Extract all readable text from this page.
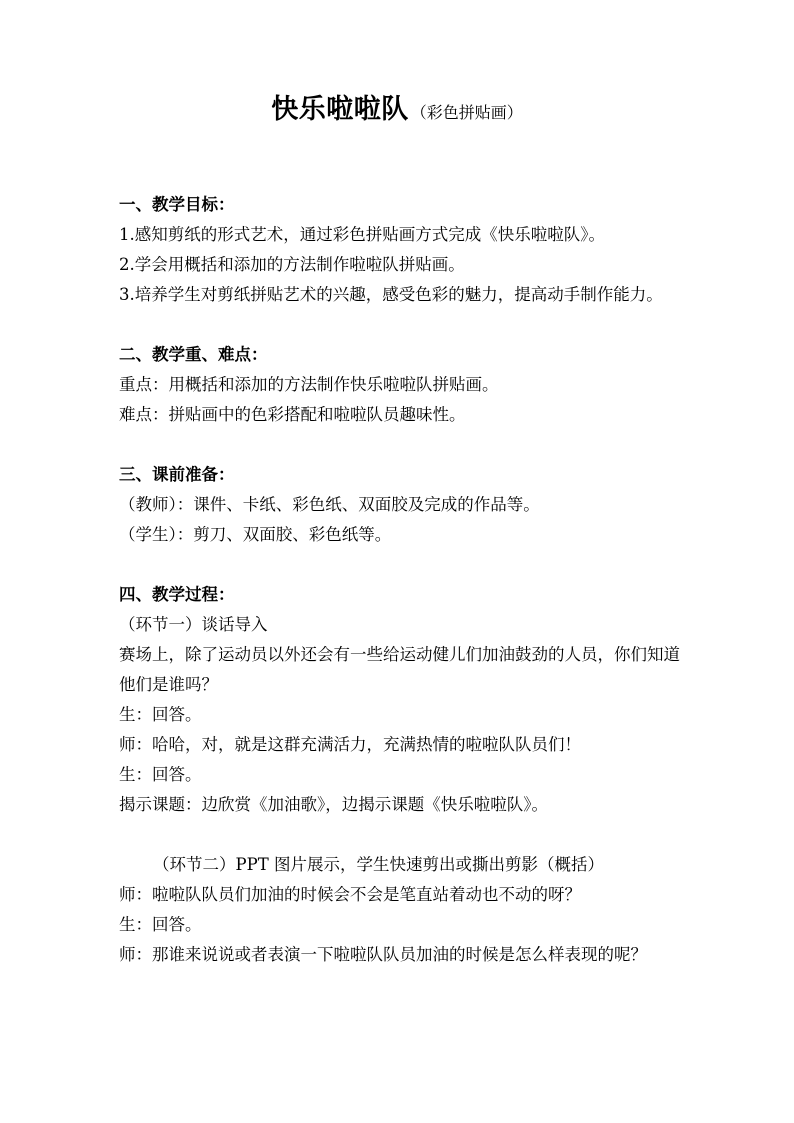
快乐啦啦队 （彩色拼贴画）

一、教学目标：

1.感知剪纸的形式艺术，通过彩色拼贴画方式完成《快乐啦啦队》。

2.学会用概括和添加的方法制作啦啦队拼贴画。

3.培养学生对剪纸拼贴艺术的兴趣，感受色彩的魅力，提高动手制作能力。

二、教学重、难点：

重点：用概括和添加的方法制作快乐啦啦队拼贴画。

难点：拼贴画中的色彩搭配和啦啦队员趣味性。

三、课前准备：

（教师）：课件、卡纸、彩色纸、双面胶及完成的作品等。

（学生）：剪刀、双面胶、彩色纸等。

四、教学过程：

（环节一）谈话导入

赛场上，除了运动员以外还会有一些给运动健儿们加油鼓劲的人员，你们知道他们是谁吗？

生：回答。

师：哈哈，对，就是这群充满活力，充满热情的啦啦队队员们！

生：回答。

揭示课题：边欣赏《加油歌》，边揭示课题《快乐啦啦队》。

（环节二）PPT 图片展示，学生快速剪出或撕出剪影（概括）

师：啦啦队队员们加油的时候会不会是笔直站着动也不动的呀？

生：回答。

师：那谁来说说或者表演一下啦啦队队员加油的时候是怎么样表现的呢？
